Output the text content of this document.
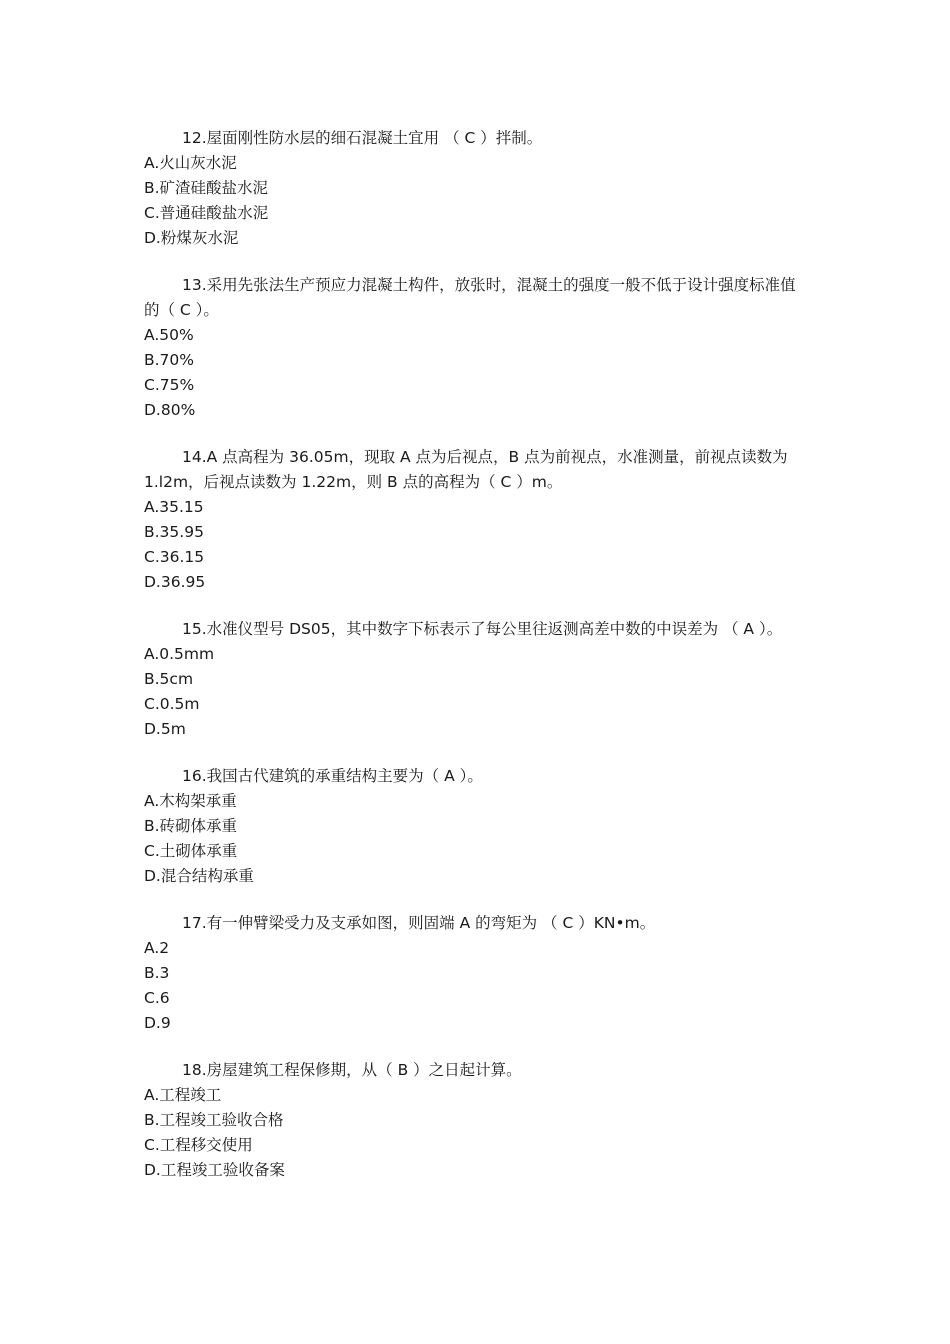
12.屋面刚性防水层的细石混凝土宜用 （ C ）拌制。

A.火山灰水泥

B.矿渣硅酸盐水泥

C.普通硅酸盐水泥

D.粉煤灰水泥

13.采用先张法生产预应力混凝土构件，放张时，混凝土的强度一般不低于设计强度标准值的（ C ）。

A.50%

B.70%

C.75%

D.80%

14.A 点高程为 36.05m，现取 A 点为后视点，B 点为前视点，水准测量，前视点读数为 1.l2m，后视点读数为 1.22m，则 B 点的高程为（ C ）m。

A.35.15

B.35.95

C.36.15

D.36.95

15.水准仪型号 DS05，其中数字下标表示了每公里往返测高差中数的中误差为 （ A ）。

A.0.5mm

B.5cm

C.0.5m

D.5m

16.我国古代建筑的承重结构主要为（ A ）。

A.木构架承重

B.砖砌体承重

C.土砌体承重

D.混合结构承重

17.有一伸臂梁受力及支承如图，则固端 A 的弯矩为 （ C ）KN•m。

A.2

B.3

C.6

D.9

18.房屋建筑工程保修期，从（ B ）之日起计算。

A.工程竣工

B.工程竣工验收合格

C.工程移交使用

D.工程竣工验收备案
